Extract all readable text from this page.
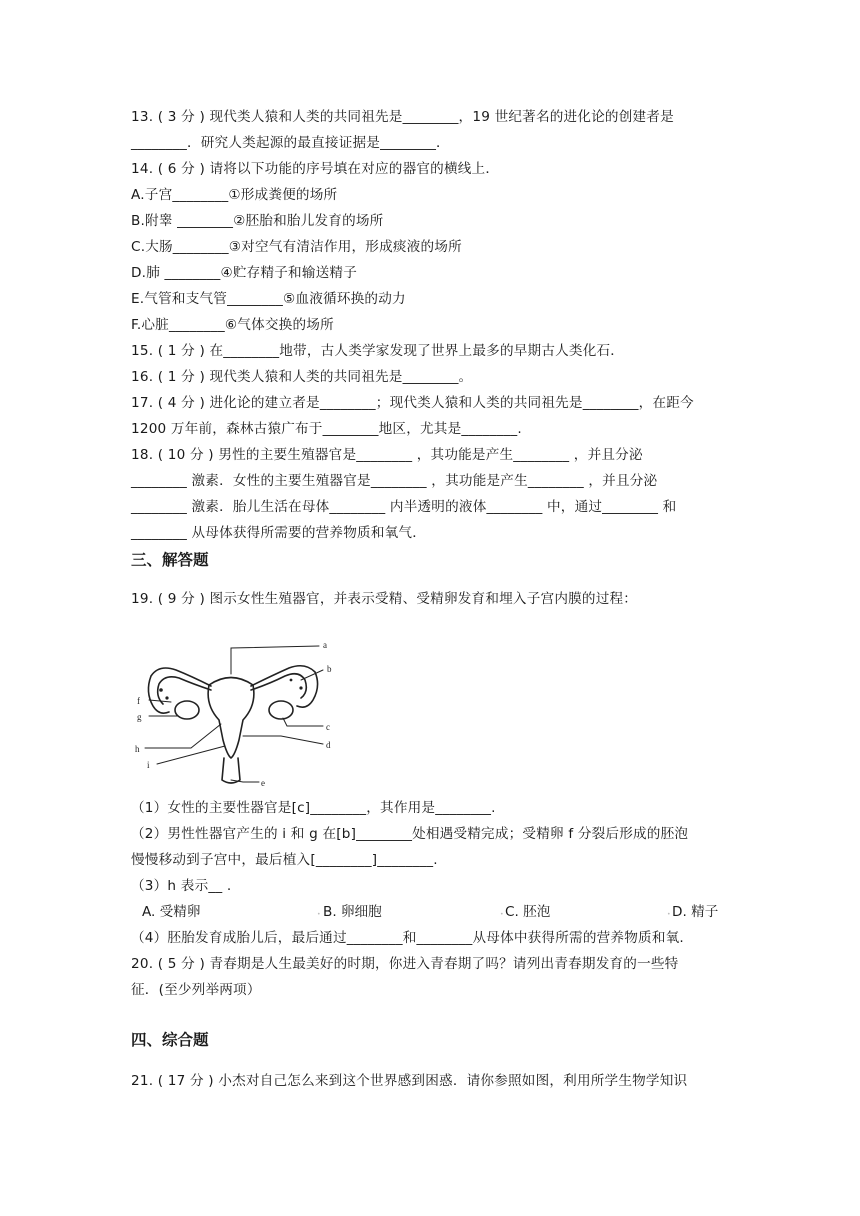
13. ( 3 分 ) 现代类人猿和人类的共同祖先是________，19 世纪著名的进化论的创建者是
________．研究人类起源的最直接证据是________．
14. ( 6 分 ) 请将以下功能的序号填在对应的器官的横线上．
A.子宫________①形成粪便的场所
B.附睾 ________②胚胎和胎儿发育的场所
C.大肠________③对空气有清洁作用，形成痰液的场所
D.肺 ________④贮存精子和输送精子
E.气管和支气管________⑤血液循环换的动力
F.心脏________⑥气体交换的场所
15. ( 1 分 ) 在________地带，古人类学家发现了世界上最多的早期古人类化石．
16. ( 1 分 ) 现代类人猿和人类的共同祖先是________。
17. ( 4 分 ) 进化论的建立者是________；现代类人猿和人类的共同祖先是________，在距今
1200 万年前，森林古猿广布于________地区，尤其是________.
18. ( 10 分 ) 男性的主要生殖器官是________ ，其功能是产生________ ，并且分泌
________ 激素．女性的主要生殖器官是________ ，其功能是产生________ ，并且分泌
________ 激素．胎儿生活在母体________ 内半透明的液体________ 中，通过________ 和
________ 从母体获得所需要的营养物质和氧气．
三、解答题
19. ( 9 分 ) 图示女性生殖器官，并表示受精、受精卵发育和埋入子宫内膜的过程：
a
b
c
d
e
f
g
h
i
（1）女性的主要性器官是[c]________，其作用是________.
（2）男性性器官产生的 i 和 g 在[b]________处相遇受精完成；受精卵 f 分裂后形成的胚泡
慢慢移动到子宫中，最后植入[________]________.
（3）h 表示__ .
A. 受精卵	• B. 卵细胞	• C. 胚泡	• D. 精子
（4）胚胎发育成胎儿后，最后通过________和________从母体中获得所需的营养物质和氧.
20. ( 5 分 ) 青春期是人生最美好的时期，你进入青春期了吗？请列出青春期发育的一些特
征．(至少列举两项）
四、综合题
21. ( 17 分 ) 小杰对自己怎么来到这个世界感到困惑．请你参照如图，利用所学生物学知识
